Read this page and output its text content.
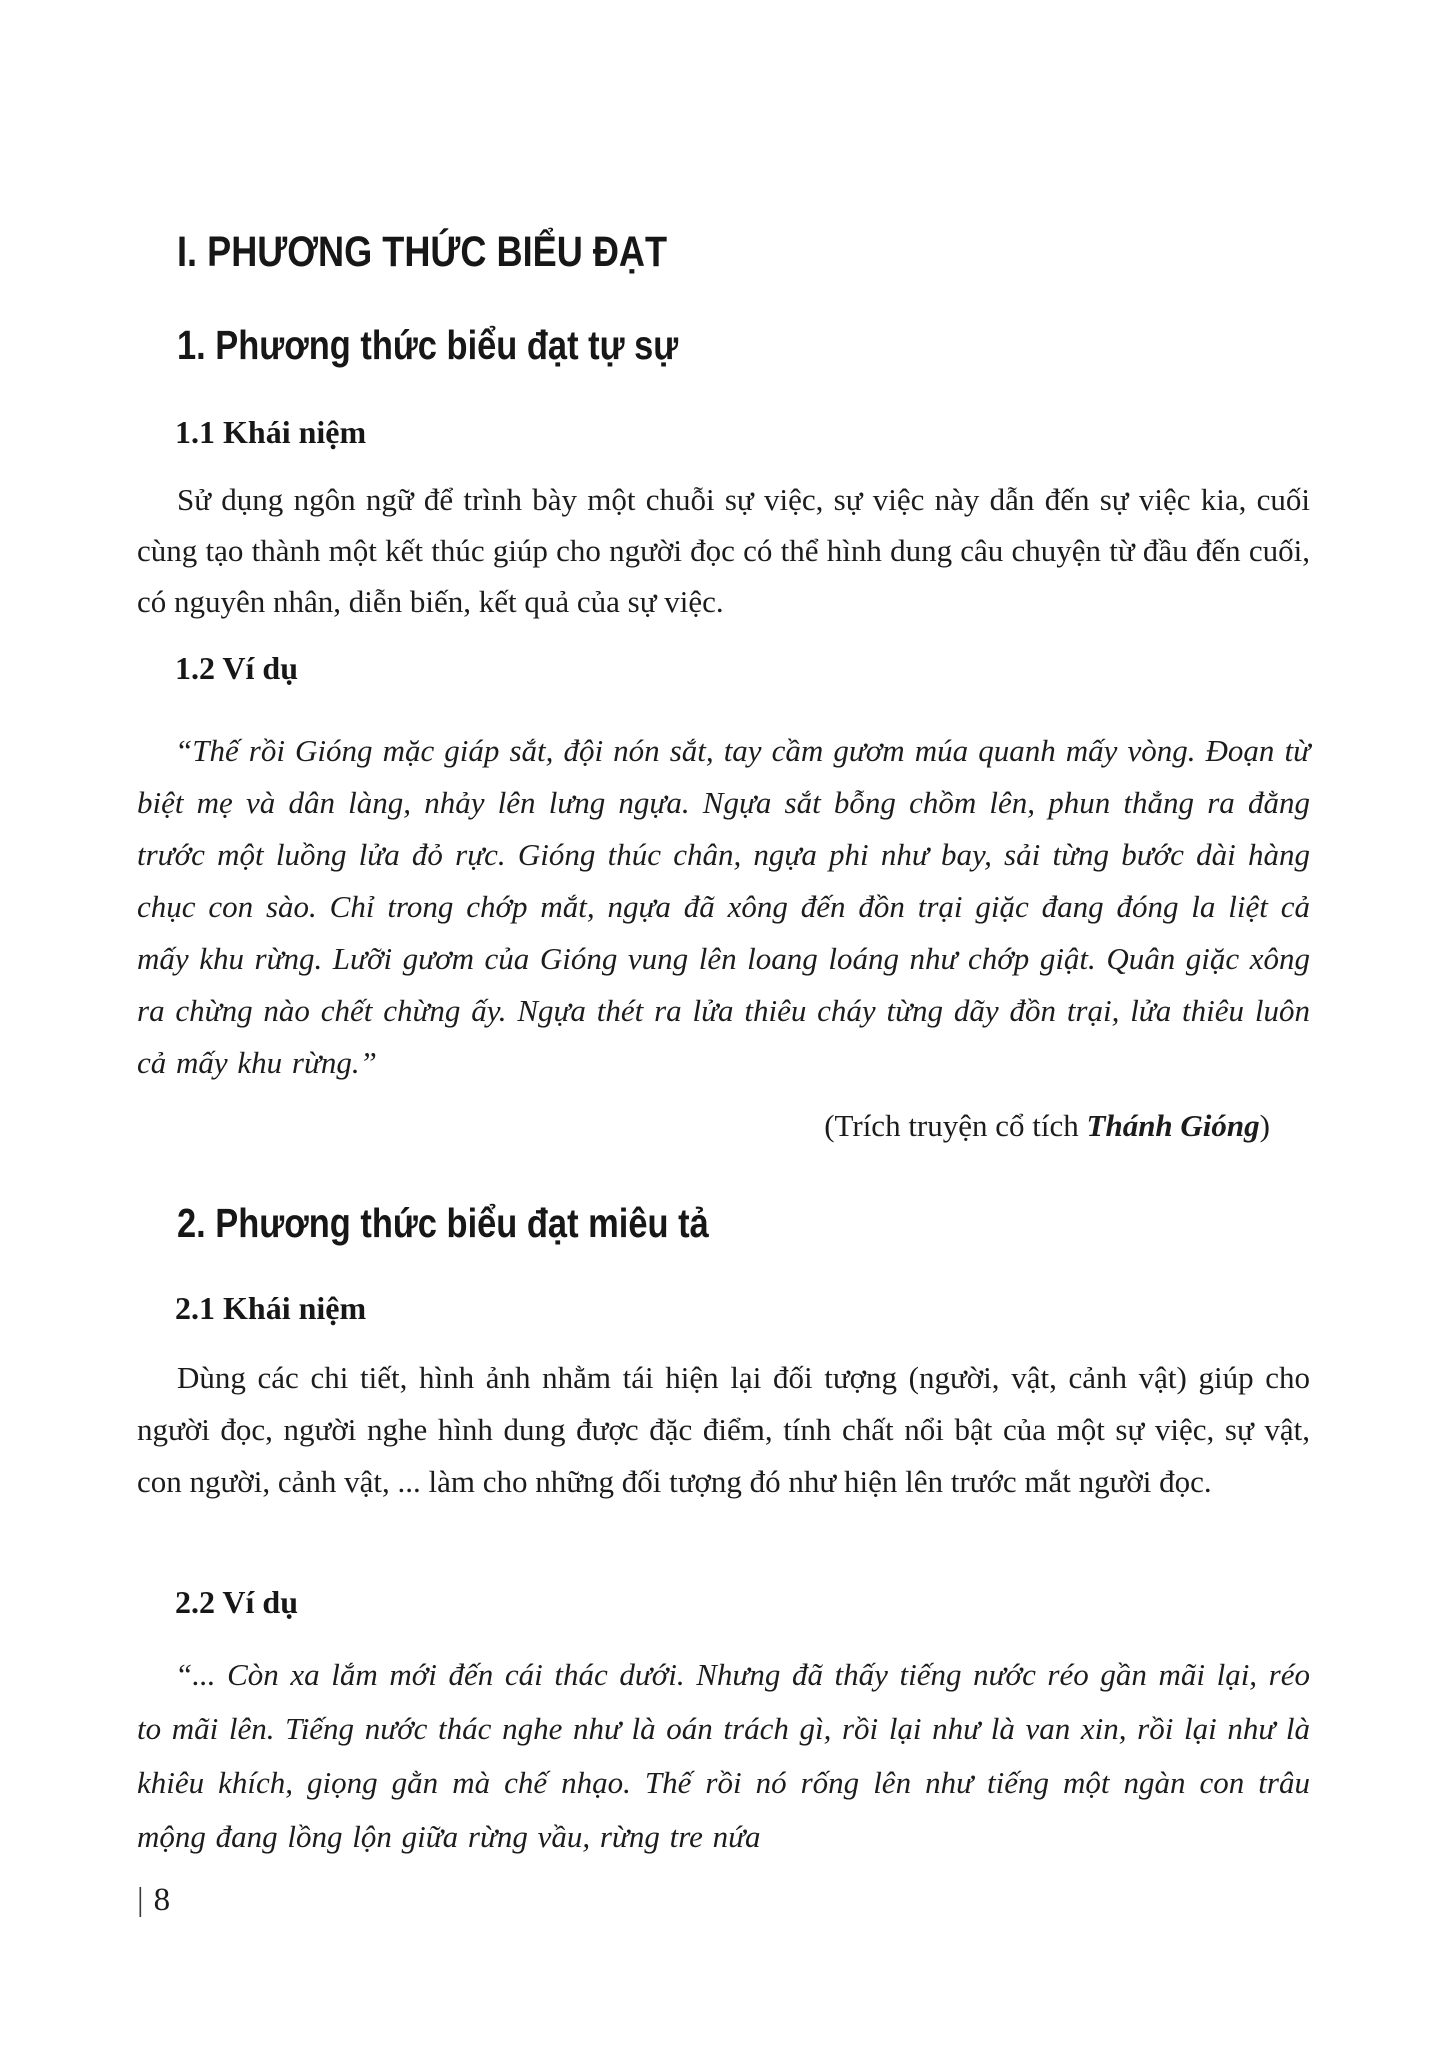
I. PHƯƠNG THỨC BIỂU ĐẠT
1. Phương thức biểu đạt tự sự
1.1 Khái niệm

Sử dụng ngôn ngữ để trình bày một chuỗi sự việc, sự việc này dẫn đến sự việc kia, cuối cùng tạo thành một kết thúc giúp cho người đọc có thể hình dung câu chuyện từ đầu đến cuối, có nguyên nhân, diễn biến, kết quả của sự việc.

1.2 Ví dụ

“Thế rồi Gióng mặc giáp sắt, đội nón sắt, tay cầm gươm múa quanh mấy vòng. Đoạn từ biệt mẹ và dân làng, nhảy lên lưng ngựa. Ngựa sắt bỗng chồm lên, phun thẳng ra đằng trước một luồng lửa đỏ rực. Gióng thúc chân, ngựa phi như bay, sải từng bước dài hàng chục con sào. Chỉ trong chớp mắt, ngựa đã xông đến đồn trại giặc đang đóng la liệt cả mấy khu rừng. Lưỡi gươm của Gióng vung lên loang loáng như chớp giật. Quân giặc xông ra chừng nào chết chừng ấy. Ngựa thét ra lửa thiêu cháy từng dãy đồn trại, lửa thiêu luôn cả mấy khu rừng.”

(Trích truyện cổ tích Thánh Gióng)

2. Phương thức biểu đạt miêu tả
2.1 Khái niệm

Dùng các chi tiết, hình ảnh nhằm tái hiện lại đối tượng (người, vật, cảnh vật) giúp cho người đọc, người nghe hình dung được đặc điểm, tính chất nổi bật của một sự việc, sự vật, con người, cảnh vật, ... làm cho những đối tượng đó như hiện lên trước mắt người đọc.

2.2 Ví dụ

“... Còn xa lắm mới đến cái thác dưới. Nhưng đã thấy tiếng nước réo gần mãi lại, réo to mãi lên. Tiếng nước thác nghe như là oán trách gì, rồi lại như là van xin, rồi lại như là khiêu khích, giọng gằn mà chế nhạo. Thế rồi nó rống lên như tiếng một ngàn con trâu mộng đang lồng lộn giữa rừng vầu, rừng tre nứa

| 8
